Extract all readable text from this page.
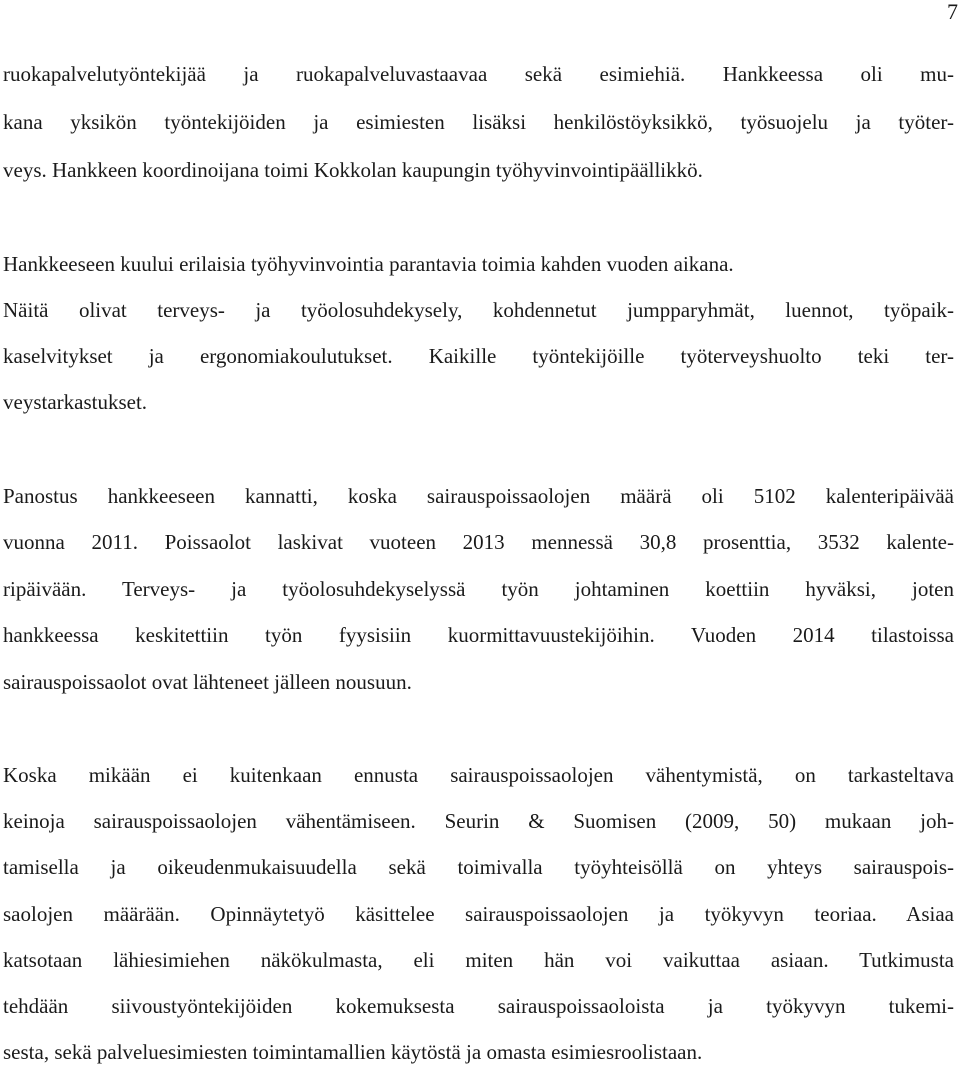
7
ruokapalvelutyöntekijää ja ruokapalveluvastaavaa sekä esimiehiä. Hankkeessa oli mu-
kana yksikön työntekijöiden ja esimiesten lisäksi henkilöstöyksikkö, työsuojelu ja työter-
veys. Hankkeen koordinoijana toimi Kokkolan kaupungin työhyvinvointipäällikkö.
Hankkeeseen kuului erilaisia työhyvinvointia parantavia toimia kahden vuoden aikana.
Näitä olivat terveys- ja työolosuhdekysely, kohdennetut jumpparyhmät, luennot, työpaik-
kaselvitykset ja ergonomiakoulutukset. Kaikille työntekijöille työterveyshuolto teki ter-
veystarkastukset.
Panostus hankkeeseen kannatti, koska sairauspoissaolojen määrä oli 5102 kalenteripäivää
vuonna 2011. Poissaolot laskivat vuoteen 2013 mennessä 30,8 prosenttia, 3532 kalente-
ripäivään. Terveys- ja työolosuhdekyselyssä työn johtaminen koettiin hyväksi, joten
hankkeessa keskitettiin työn fyysisiin kuormittavuustekijöihin. Vuoden 2014 tilastoissa
sairauspoissaolot ovat lähteneet jälleen nousuun.
Koska mikään ei kuitenkaan ennusta sairauspoissaolojen vähentymistä, on tarkasteltava
keinoja sairauspoissaolojen vähentämiseen. Seurin & Suomisen (2009, 50) mukaan joh-
tamisella ja oikeudenmukaisuudella sekä toimivalla työyhteisöllä on yhteys sairauspois-
saolojen määrään. Opinnäytetyö käsittelee sairauspoissaolojen ja työkyvyn teoriaa. Asiaa
katsotaan lähiesimiehen näkökulmasta, eli miten hän voi vaikuttaa asiaan. Tutkimusta
tehdään siivoustyöntekijöiden kokemuksesta sairauspoissaoloista ja työkyvyn tukemi-
sesta, sekä palveluesimiesten toimintamallien käytöstä ja omasta esimiesroolistaan.
